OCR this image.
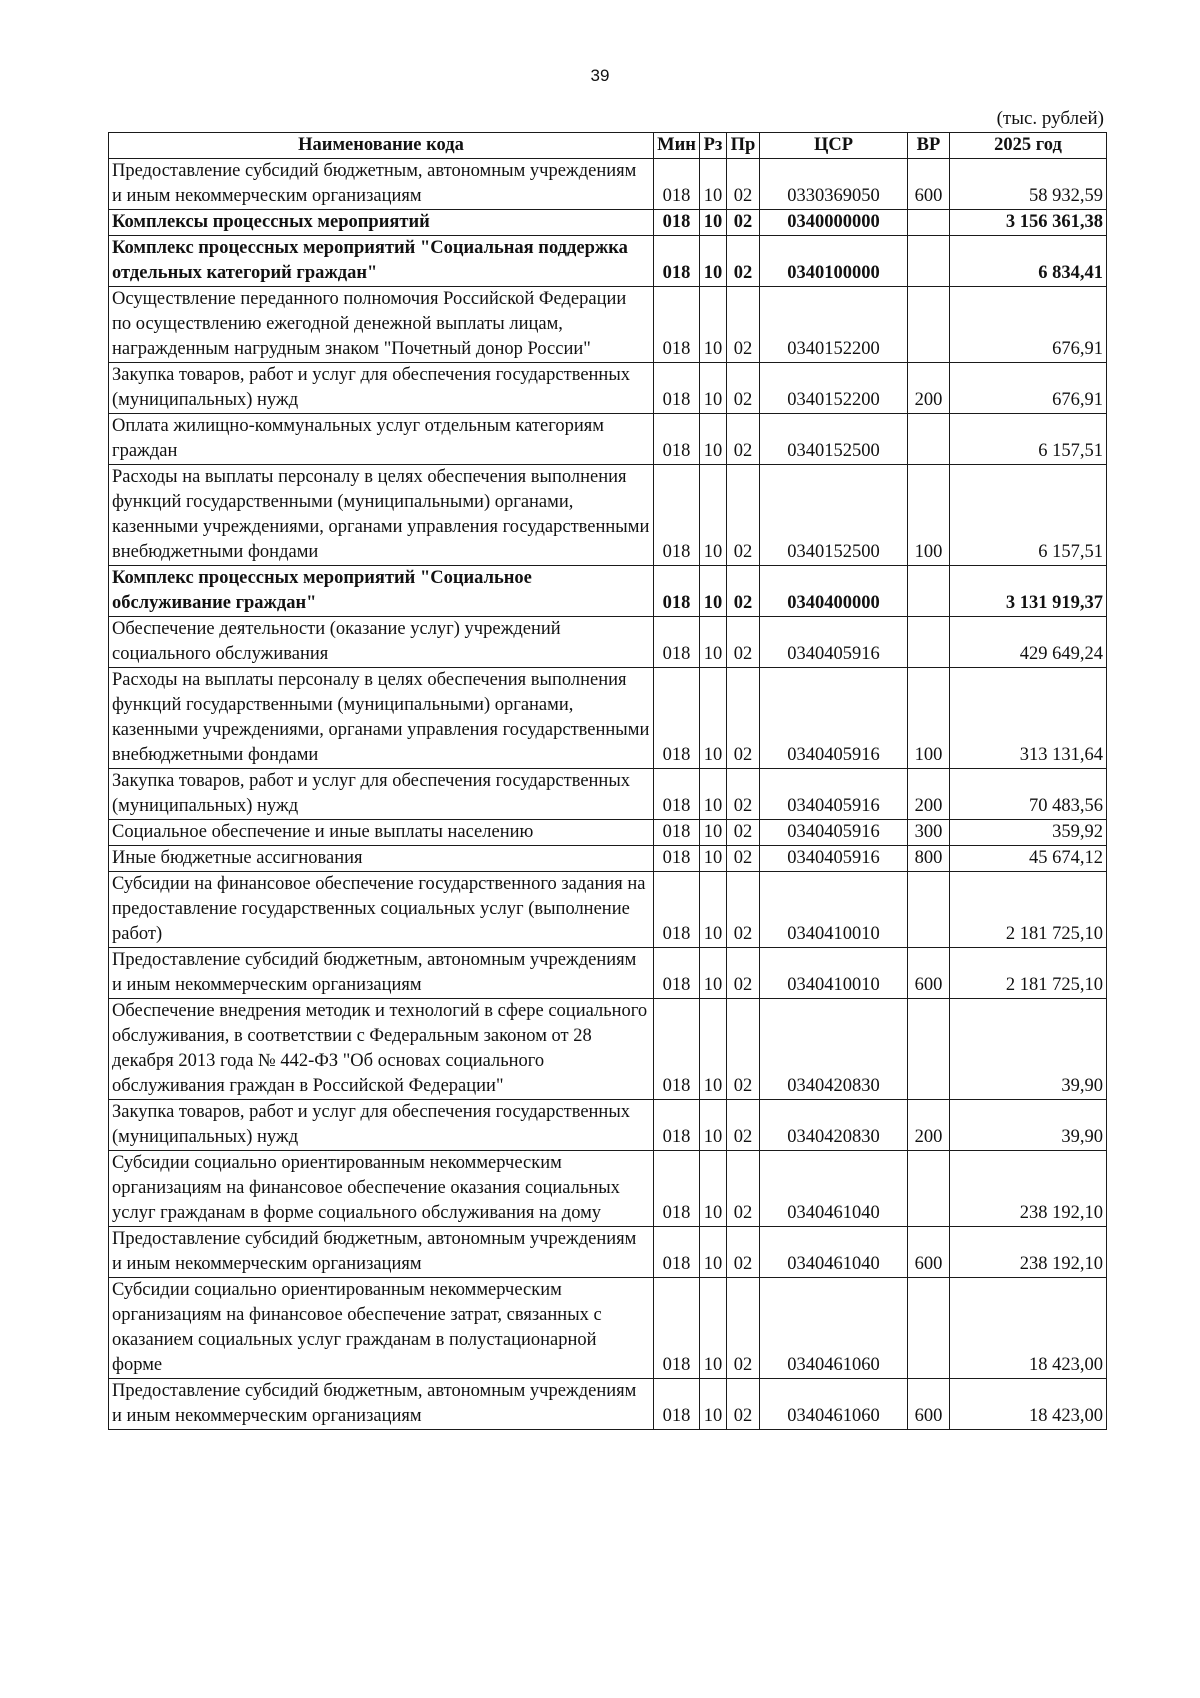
39
(тыс. рублей)
Наименование кода	Мин	Рз	Пр	ЦСР	ВР	2025 год
Предоставление субсидий бюджетным, автономным учреждениям и иным некоммерческим организациям	018	10	02	0330369050	600	58 932,59
Комплексы процессных мероприятий	018	10	02	0340000000		3 156 361,38
Комплекс процессных мероприятий "Социальная поддержка отдельных категорий граждан"	018	10	02	0340100000		6 834,41
Осуществление переданного полномочия Российской Федерации по осуществлению ежегодной денежной выплаты лицам, награжденным нагрудным знаком "Почетный донор России"	018	10	02	0340152200		676,91
Закупка товаров, работ и услуг для обеспечения государственных (муниципальных) нужд	018	10	02	0340152200	200	676,91
Оплата жилищно-коммунальных услуг отдельным категориям граждан	018	10	02	0340152500		6 157,51
Расходы на выплаты персоналу в целях обеспечения выполнения функций государственными (муниципальными) органами, казенными учреждениями, органами управления государственными внебюджетными фондами	018	10	02	0340152500	100	6 157,51
Комплекс процессных мероприятий "Социальное обслуживание граждан"	018	10	02	0340400000		3 131 919,37
Обеспечение деятельности (оказание услуг) учреждений социального обслуживания	018	10	02	0340405916		429 649,24
Расходы на выплаты персоналу в целях обеспечения выполнения функций государственными (муниципальными) органами, казенными учреждениями, органами управления государственными внебюджетными фондами	018	10	02	0340405916	100	313 131,64
Закупка товаров, работ и услуг для обеспечения государственных (муниципальных) нужд	018	10	02	0340405916	200	70 483,56
Социальное обеспечение и иные выплаты населению	018	10	02	0340405916	300	359,92
Иные бюджетные ассигнования	018	10	02	0340405916	800	45 674,12
Субсидии на финансовое обеспечение государственного задания на предоставление государственных социальных услуг (выполнение работ)	018	10	02	0340410010		2 181 725,10
Предоставление субсидий бюджетным, автономным учреждениям и иным некоммерческим организациям	018	10	02	0340410010	600	2 181 725,10
Обеспечение внедрения методик и технологий в сфере социального обслуживания, в соответствии с Федеральным законом от 28 декабря 2013 года № 442-ФЗ "Об основах социального обслуживания граждан в Российской Федерации"	018	10	02	0340420830		39,90
Закупка товаров, работ и услуг для обеспечения государственных (муниципальных) нужд	018	10	02	0340420830	200	39,90
Субсидии социально ориентированным некоммерческим организациям на финансовое обеспечение оказания социальных услуг гражданам в форме социального обслуживания на дому	018	10	02	0340461040		238 192,10
Предоставление субсидий бюджетным, автономным учреждениям и иным некоммерческим организациям	018	10	02	0340461040	600	238 192,10
Субсидии социально ориентированным некоммерческим организациям на финансовое обеспечение затрат, связанных с оказанием социальных услуг гражданам в полустационарной форме	018	10	02	0340461060		18 423,00
Предоставление субсидий бюджетным, автономным учреждениям и иным некоммерческим организациям	018	10	02	0340461060	600	18 423,00
